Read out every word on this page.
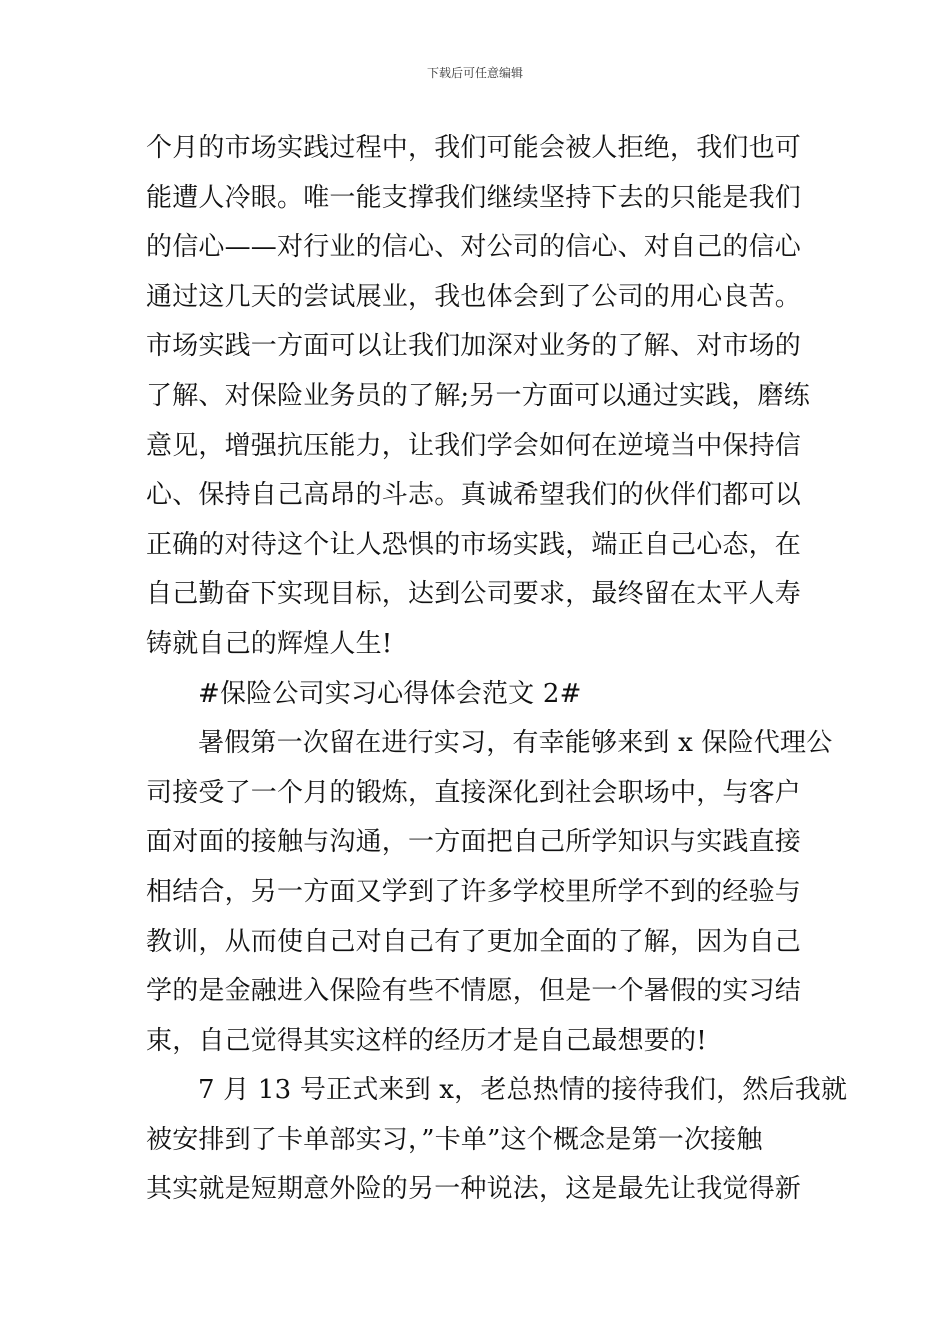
下载后可任意编辑
个月的市场实践过程中，我们可能会被人拒绝，我们也可
能遭人冷眼。唯一能支撑我们继续坚持下去的只能是我们
的信心——对行业的信心、对公司的信心、对自己的信心
通过这几天的尝试展业，我也体会到了公司的用心良苦。
市场实践一方面可以让我们加深对业务的了解、对市场的
了解、对保险业务员的了解;另一方面可以通过实践，磨练
意见，增强抗压能力，让我们学会如何在逆境当中保持信
心、保持自己高昂的斗志。真诚希望我们的伙伴们都可以
正确的对待这个让人恐惧的市场实践，端正自己心态，在
自己勤奋下实现目标，达到公司要求，最终留在太平人寿
铸就自己的辉煌人生!
#保险公司实习心得体会范文 2#
暑假第一次留在进行实习，有幸能够来到 x 保险代理公
司接受了一个月的锻炼，直接深化到社会职场中，与客户
面对面的接触与沟通，一方面把自己所学知识与实践直接
相结合，另一方面又学到了许多学校里所学不到的经验与
教训，从而使自己对自己有了更加全面的了解，因为自己
学的是金融进入保险有些不情愿，但是一个暑假的实习结
束，自己觉得其实这样的经历才是自己最想要的!
7 月 13 号正式来到 x，老总热情的接待我们，然后我就
被安排到了卡单部实习，”卡单”这个概念是第一次接触
其实就是短期意外险的另一种说法，这是最先让我觉得新
